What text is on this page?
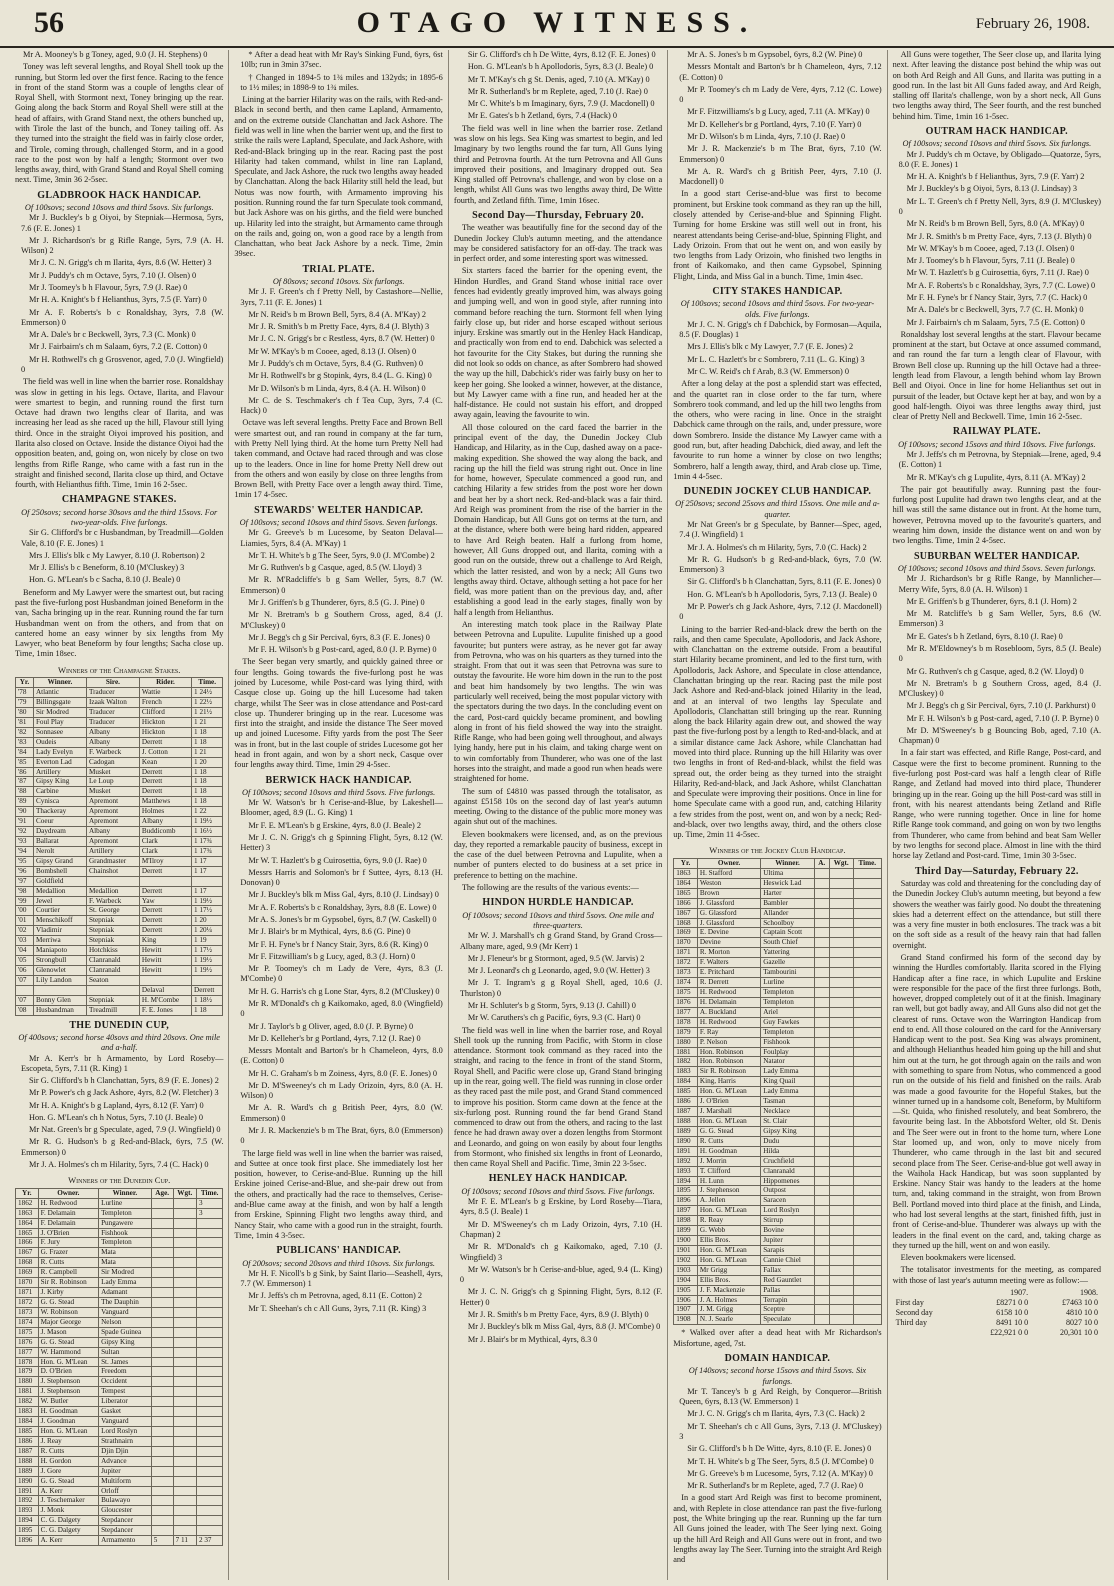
56	OTAGO WITNESS.	February 26, 1908.

Mr A. Mooney's b g Toney, aged, 9.0 (J. H. Stephens) 0

Toney was left several lengths, and Royal Shell took up the running, but Storm led over the first fence. Racing to the fence in front of the stand Storm was a couple of lengths clear of Royal Shell, with Stormont next, Toney bringing up the rear. Going along the back Storm and Royal Shell were still at the head of affairs, with Grand Stand next, the others bunched up, with Tirole the last of the bunch, and Toney tailing off. As they turned into the straight the field was in fairly close order, and Tirole, coming through, challenged Storm, and in a good race to the post won by half a length; Stormont over two lengths away, third, with Grand Stand and Royal Shell coming next. Time, 3min 36 2-5sec.

GLADBROOK HACK HANDICAP.

Of 100sovs; second 10sovs and third 5sovs. Six furlongs.

Mr J. Buckley's b g Oiyoi, by Stepniak—Hermosa, 5yrs, 7.6 (F. E. Jones) 1

Mr J. Richardson's br g Rifle Range, 5yrs, 7.9 (A. H. Wilson) 2

Mr J. C. N. Grigg's ch m Ilarita, 4yrs, 8.6 (W. Hetter) 3

Mr J. Puddy's ch m Octave, 5yrs, 7.10 (J. Olsen) 0

Mr J. Toomey's b h Flavour, 5yrs, 7.9 (J. Rae) 0

Mr H. A. Knight's b f Helianthus, 3yrs, 7.5 (F. Yarr) 0

Mr A. F. Roberts's b c Ronaldshay, 3yrs, 7.8 (W. Emmerson) 0

Mr A. Dale's br c Beckwell, 3yrs, 7.3 (C. Monk) 0

Mr J. Fairbairn's ch m Salaam, 6yrs, 7.2 (E. Cotton) 0

Mr H. Rothwell's ch g Grosvenor, aged, 7.0 (J. Wingfield) 0

The field was well in line when the barrier rose. Ronaldshay was slow in getting in his legs. Octave, Ilarita, and Flavour were smartest to begin, and running round the first turn Octave had drawn two lengths clear of Ilarita, and was increasing her lead as she raced up the hill, Flavour still lying third. Once in the straight Oiyoi improved his position, and Ilarita also closed on Octave. Inside the distance Oiyoi had the opposition beaten, and, going on, won nicely by close on two lengths from Rifle Range, who came with a fast run in the straight and finished second, Ilarita close up third, and Octave fourth, with Helianthus fifth. Time, 1min 16 2-5sec.

CHAMPAGNE STAKES.

Of 250sovs; second horse 30sovs and the third 15sovs. For two-year-olds. Five furlongs.

Sir G. Clifford's br c Husbandman, by Treadmill—Golden Vale, 8.10 (F. E. Jones) 1

Mrs J. Ellis's blk c My Lawyer, 8.10 (J. Robertson) 2

Mr J. Ellis's b c Beneform, 8.10 (M'Cluskey) 3

Hon. G. M'Lean's b c Sacha, 8.10 (J. Beale) 0

Beneform and My Lawyer were the smartest out, but racing past the five-furlong post Husbandman joined Beneform in the van, Sacha bringing up in the rear. Running round the far turn Husbandman went on from the others, and from that on cantered home an easy winner by six lengths from My Lawyer, who beat Beneform by four lengths; Sacha close up. Time, 1min 18sec.

Winners of the Champagne Stakes.
Yr.	Winner.	Sire.	Rider.	Time.
'78	Atlantic	Traducer	Wattie	1 24½
'79	Billingsgate	Izaak Walton	French	1 22½
'80	Sir Modred	Traducer	Clifford	1 21½
'81	Foul Play	Traducer	Hickton	1 21
'82	Sonnasee	Albany	Hickton	1 18
'83	Oudeis	Albany	Derrett	1 18
'84	Lady Evelyn	F. Warbeck	J. Cotton	1 21
'85	Everton Lad	Cadogan	Kean	1 20
'86	Artillery	Musket	Derrett	1 18
'87	Gipsy King	Le Loup	Derrett	1 18
'88	Carbine	Musket	Derrett	1 18
'89	Cynisca	Apremont	Matthews	1 18
'90	Thackeray	Apremont	Holmes	1 22
'91	Coeur	Apremont	Albany	1 19½
'92	Daydream	Albany	Buddicomb	1 16½
'93	Ballarat	Apremont	Clark	1 17¾
'94	Nerolt	Artillery	Clark	1 17¾
'95	Gipsy Grand	Grandmaster	M'Ilroy	1 17
'96	Bombshell	Chainshot	Derrett	1 17
'97	Goldfield			
'98	Medallion	Medallion	Derrett	1 17
'99	Jewel	F. Warbeck	Yaw	1 19½
'00	Courtier	St. George	Derrett	1 17½
'01	Menschikoff	Stepniak	Derrett	1 20
'02	Vladimir	Stepniak	Derrett	1 20¼
'03	Merriwa	Stepniak	King	1 19
'04	Maniapoto	Hotchkiss	Hewitt	1 17½
'05	Strongbull	Clanranald	Hewitt	1 19½
'06	Glenowlet	Clanranald	Hewitt	1 19½
'07	Lily Landon	Seaton		
			Delaval	Derrett
'07	Bonny Glen	Stepniak	H. M'Combe	1 18½
'08	Husbandman	Treadmill	F. E. Jones	1 18
THE DUNEDIN CUP,

Of 400sovs; second horse 40sovs and third 20sovs. One mile and a-half.

Mr A. Kerr's br h Armamento, by Lord Roseby—Escopeta, 5yrs, 7.11 (R. King) 1

Sir G. Clifford's b h Clanchattan, 5yrs, 8.9 (F. E. Jones) 2

Mr P. Power's ch g Jack Ashore, 4yrs, 8.2 (W. Fletcher) 3

Mr H. A. Knight's b g Lapland, 4yrs, 8.12 (F. Yarr) 0

Hon. G. M'Lean's ch h Notus, 5yrs, 7.10 (J. Beale) 0

Mr Nat. Green's br g Speculate, aged, 7.9 (J. Wingfield) 0

Mr R. G. Hudson's b g Red-and-Black, 6yrs, 7.5 (W. Emmerson) 0

Mr J. A. Holmes's ch m Hilarity, 5yrs, 7.4 (C. Hack) 0

Winners of the Dunedin Cup.
Yr.	Owner.	Winner.	Age.	Wgt.	Time.
1862	H. Redwood	Lurline			3
1863	F. Delamain	Templeton			3
1864	F. Delamain	Pungawere			
1865	J. O'Brien	Fishhook			
1866	F. Jury	Templeton			
1867	G. Frazer	Mata			
1868	R. Cutts	Mata			
1869	R. Campbell	Sir Modred			
1870	Sir R. Robinson	Lady Emma			
1871	J. Kirby	Adamant			
1872	G. G. Stead	The Dauphin			
1873	W. Robinson	Vanguard			
1874	Major George	Nelson			
1875	J. Mason	Spade Guinea			
1876	G. G. Stead	Gipsy King			
1877	W. Hammond	Sultan			
1878	Hon. G. M'Lean	St. James			
1879	D. O'Brien	Freedom			
1880	J. Stephenson	Occident			
1881	J. Stephenson	Tempest			
1882	W. Butler	Liberator			
1883	H. Goodman	Gasket			
1884	J. Goodman	Vanguard			
1885	Hon. G. M'Lean	Lord Roslyn			
1886	J. Reay	Strathnairn			
1887	R. Cutts	Djin Djin			
1888	H. Gordon	Advance			
1889	J. Gore	Jupiter			
1890	G. G. Stead	Multiform			
1891	A. Kerr	Orloff			
1892	J. Teschemaker	Bulawayo			
1893	J. Monk	Gloucester			
1894	C. G. Dalgety	Stepdancer			
1895	C. G. Dalgety	Stepdancer			
1896	A. Kerr	Armamento	5	7 11	2 37

* After a dead heat with Mr Ray's Sinking Fund, 6yrs, 6st 10lb; run in 3min 37sec.

† Changed in 1894-5 to 1¾ miles and 132yds; in 1895-6 to 1½ miles; in 1898-9 to 1¾ miles.

Lining at the barrier Hilarity was on the rails, with Red-and-Black in second berth, and then came Lapland, Armamento, and on the extreme outside Clanchattan and Jack Ashore. The field was well in line when the barrier went up, and the first to strike the rails were Lapland, Speculate, and Jack Ashore, with Red-and-Black bringing up in the rear. Racing past the post Hilarity had taken command, whilst in line ran Lapland, Speculate, and Jack Ashore, the ruck two lengths away headed by Clanchattan. Along the back Hilarity still held the lead, but Notus was now fourth, with Armamento improving his position. Running round the far turn Speculate took command, but Jack Ashore was on his girths, and the field were bunched up. Hilarity led into the straight, but Armamento came through on the rails and, going on, won a good race by a length from Clanchattan, who beat Jack Ashore by a neck. Time, 2min 39sec.

TRIAL PLATE.

Of 80sovs; second 10sovs. Six furlongs.

Mr J. F. Green's ch f Pretty Nell, by Castashore—Nellie, 3yrs, 7.11 (F. E. Jones) 1

Mr N. Reid's b m Brown Bell, 5yrs, 8.4 (A. M'Kay) 2

Mr J. R. Smith's b m Pretty Face, 4yrs, 8.4 (J. Blyth) 3

Mr J. C. N. Grigg's br c Restless, 4yrs, 8.7 (W. Hetter) 0

Mr W. M'Kay's b m Cooee, aged, 8.13 (J. Olsen) 0

Mr J. Puddy's ch m Octave, 5yrs, 8.4 (G. Ruthven) 0

Mr H. Rothwell's br g Stopink, 4yrs, 8.4 (L. G. King) 0

Mr D. Wilson's b m Linda, 4yrs, 8.4 (A. H. Wilson) 0

Mr C. de S. Teschmaker's ch f Tea Cup, 3yrs, 7.4 (C. Hack) 0

Octave was left several lengths. Pretty Face and Brown Bell were smartest out, and ran round in company at the far turn, with Pretty Nell lying third. At the home turn Pretty Nell had taken command, and Octave had raced through and was close up to the leaders. Once in line for home Pretty Nell drew out from the others and won easily by close on three lengths from Brown Bell, with Pretty Face over a length away third. Time, 1min 17 4-5sec.

STEWARDS' WELTER HANDICAP.

Of 100sovs; second 10sovs and third 5sovs. Seven furlongs.

Mr G. Greeve's b m Lucesome, by Seaton Delaval—Liamies, 5yrs, 8.4 (A. M'Kay) 1

Mr T. H. White's b g The Seer, 5yrs, 9.0 (J. M'Combe) 2

Mr G. Ruthven's b g Casque, aged, 8.5 (W. Lloyd) 3

Mr R. M'Radcliffe's b g Sam Weller, 5yrs, 8.7 (W. Emmerson) 0

Mr J. Griffen's b g Thunderer, 6yrs, 8.5 (G. J. Pine) 0

Mr N. Bretram's b g Southern Cross, aged, 8.4 (J. M'Cluskey) 0

Mr J. Begg's ch g Sir Percival, 6yrs, 8.3 (F. E. Jones) 0

Mr F. H. Wilson's b g Post-card, aged, 8.0 (J. P. Byrne) 0

The Seer began very smartly, and quickly gained three or four lengths. Going towards the five-furlong post he was joined by Lucesome, while Post-card was lying third, with Casque close up. Going up the hill Lucesome had taken charge, whilst The Seer was in close attendance and Post-card close up. Thunderer bringing up in the rear. Lucesome was first into the straight, and inside the distance The Seer moved up and joined Lucesome. Fifty yards from the post The Seer was in front, but in the last couple of strides Lucesome got her head in front again, and won by a short neck, Casque over four lengths away third. Time, 1min 29 4-5sec.

BERWICK HACK HANDICAP.

Of 100sovs; second 10sovs and third 5sovs. Five furlongs.

Mr W. Watson's br h Cerise-and-Blue, by Lakeshell—Bloomer, aged, 8.9 (L. G. King) 1

Mr F. E. M'Lean's b g Erskine, 4yrs, 8.0 (J. Beale) 2

Mr J. C. N. Grigg's ch g Spinning Flight, 5yrs, 8.12 (W. Hetter) 3

Mr W. T. Hazlett's b g Cuirosettia, 6yrs, 9.0 (J. Rae) 0

Messrs Harris and Solomon's br f Suttee, 4yrs, 8.13 (H. Donovan) 0

Mr J. Buckley's blk m Miss Gal, 4yrs, 8.10 (J. Lindsay) 0

Mr A. F. Roberts's b c Ronaldshay, 3yrs, 8.8 (E. Lowe) 0

Mr A. S. Jones's br m Gypsobel, 6yrs, 8.7 (W. Caskell) 0

Mr J. Blair's br m Mythical, 4yrs, 8.6 (G. Pine) 0

Mr F. H. Fyne's br f Nancy Stair, 3yrs, 8.6 (R. King) 0

Mr F. Fitzwilliam's b g Lucy, aged, 8.3 (J. Horn) 0

Mr P. Toomey's ch m Lady de Vere, 4yrs, 8.3 (J. M'Combe) 0

Mr H. G. Harris's ch g Lone Star, 4yrs, 8.2 (M'Cluskey) 0

Mr R. M'Donald's ch g Kaikomako, aged, 8.0 (Wingfield) 0

Mr J. Taylor's b g Oliver, aged, 8.0 (J. P. Byrne) 0

Mr D. Kelleher's br g Portland, 4yrs, 7.12 (J. Rae) 0

Messrs Montalt and Barton's br h Chameleon, 4yrs, 8.0 (E. Cotton) 0

Mr H. C. Graham's b m Zoiness, 4yrs, 8.0 (F. E. Jones) 0

Mr D. M'Sweeney's ch m Lady Orizoin, 4yrs, 8.0 (A. H. Wilson) 0

Mr A. R. Ward's ch g British Peer, 4yrs, 8.0 (W. Emmerson) 0

Mr J. R. Mackenzie's b m The Brat, 6yrs, 8.0 (Emmerson) 0

The large field was well in line when the barrier was raised, and Suttee at once took first place. She immediately lost her position, however, to Cerise-and-Blue. Running up the hill Erskine joined Cerise-and-Blue, and she-pair drew out from the others, and practically had the race to themselves, Cerise-and-Blue came away at the finish, and won by half a length from Erskine, Spinning Flight two lengths away third, and Nancy Stair, who came with a good run in the straight, fourth. Time, 1min 4 3-5sec.

PUBLICANS' HANDICAP.

Of 200sovs; second 20sovs and third 10sovs. Six furlongs.

Mr H. F. Nicoll's b g Sink, by Saint Ilario—Seashell, 4yrs, 7.7 (W. Emmerson) 1

Mr J. Jeffs's ch m Petrovna, aged, 8.11 (E. Cotton) 2

Mr T. Sheehan's ch c All Guns, 3yrs, 7.11 (R. King) 3

Sir G. Clifford's ch h De Witte, 4yrs, 8.12 (F. E. Jones) 0

Hon. G. M'Lean's b h Apollodoris, 5yrs, 8.3 (J. Beale) 0

Mr T. M'Kay's ch g St. Denis, aged, 7.10 (A. M'Kay) 0

Mr R. Sutherland's br m Replete, aged, 7.10 (J. Rae) 0

Mr C. White's b m Imaginary, 6yrs, 7.9 (J. Macdonell) 0

Mr E. Gates's b h Zetland, 6yrs, 7.4 (Hack) 0

The field was well in line when the barrier rose. Zetland was slow on his legs. Sea King was smartest to begin, and led Imaginary by two lengths round the far turn, All Guns lying third and Petrovna fourth. At the turn Petrovna and All Guns improved their positions, and Imaginary dropped out. Sea King stalled off Petrovna's challenge, and won by close on a length, whilst All Guns was two lengths away third, De Witte fourth, and Zetland fifth. Time, 1min 16sec.

Second Day—Thursday, February 20.

The weather was beautifully fine for the second day of the Dunedin Jockey Club's autumn meeting, and the attendance may be considered satisfactory for an off-day. The track was in perfect order, and some interesting sport was witnessed.

Six starters faced the barrier for the opening event, the Hindon Hurdles, and Grand Stand whose initial race over fences had evidently greatly improved him, was always going and jumping well, and won in good style, after running into command before reaching the turn. Stormont fell when lying fairly close up, but rider and horse escaped without serious injury. Erskine was smartly out in the Henley Hack Handicap, and practically won from end to end. Dabchick was selected a hot favourite for the City Stakes, but during the running she did not look so odds on chance, as after Sombrero had showed the way up the hill, Dabchick's rider was fairly busy on her to keep her going. She looked a winner, however, at the distance, but My Lawyer came with a fine run, and headed her at the half-distance. He could not sustain his effort, and dropped away again, leaving the favourite to win.

All those coloured on the card faced the barrier in the principal event of the day, the Dunedin Jockey Club Handicap, and Hilarity, as in the Cup, dashed away on a pace-making expedition. She showed the way along the back, and racing up the hill the field was strung right out. Once in line for home, however, Speculate commenced a good run, and catching Hilarity a few strides from the post wore her down and beat her by a short neck. Red-and-black was a fair third. Ard Reigh was prominent from the rise of the barrier in the Domain Handicap, but All Guns got on terms at the turn, and at the distance, where both were being hard ridden, appeared to have Ard Reigh beaten. Half a furlong from home, however, All Guns dropped out, and Ilarita, coming with a good run on the outside, threw out a challenge to Ard Reigh, which the latter resisted, and won by a neck; All Guns two lengths away third. Octave, although setting a hot pace for her field, was more patient than on the previous day, and, after establishing a good lead in the early stages, finally won by half a length from Helianthus.

An interesting match took place in the Railway Plate between Petrovna and Lupulite. Lupulite finished up a good favourite; but punters were astray, as he never got far away from Petrovna, who was on his quarters as they turned into the straight. From that out it was seen that Petrovna was sure to outstay the favourite. He wore him down in the run to the post and beat him handsomely by two lengths. The win was particularly well received, being the most popular victory with the spectators during the two days. In the concluding event on the card, Post-card quickly became prominent, and bowling along in front of his field showed the way into the straight. Rifle Range, who had been going well throughout, and always lying handy, here put in his claim, and taking charge went on to win comfortably from Thunderer, who was one of the last horses into the straight, and made a good run when heads were straightened for home.

The sum of £4810 was passed through the totalisator, as against £5158 10s on the second day of last year's autumn meeting. Owing to the distance of the public more money was again shut out of the machines.

Eleven bookmakers were licensed, and, as on the previous day, they reported a remarkable paucity of business, except in the case of the duel between Petrovna and Lupulite, when a number of punters elected to do business at a set price in preference to betting on the machine.

The following are the results of the various events:—

HINDON HURDLE HANDICAP.

Of 100sovs; second 10sovs and third 5sovs. One mile and three-quarters.

Mr W. J. Marshall's ch g Grand Stand, by Grand Cross—Albany mare, aged, 9.9 (Mr Kerr) 1

Mr J. Fleneur's br g Stormont, aged, 9.5 (W. Jarvis) 2

Mr J. Leonard's ch g Leonardo, aged, 9.0 (W. Hetter) 3

Mr J. T. Ingram's g g Royal Shell, aged, 10.6 (J. Thurlston) 0

Mr H. Schluter's b g Storm, 5yrs, 9.13 (J. Cahill) 0

Mr W. Caruthers's ch g Pacific, 6yrs, 9.3 (C. Hart) 0

The field was well in line when the barrier rose, and Royal Shell took up the running from Pacific, with Storm in close attendance. Stormont took command as they raced into the straight, and racing to the fence in front of the stand Storm, Royal Shell, and Pacific were close up, Grand Stand bringing up in the rear, going well. The field was running in close order as they raced past the mile post, and Grand Stand commenced to improve his position. Storm came down at the fence at the six-furlong post. Running round the far bend Grand Stand commenced to draw out from the others, and racing to the last fence he had drawn away over a dozen lengths from Stormont and Leonardo, and going on won easily by about four lengths from Stormont, who finished six lengths in front of Leonardo, then came Royal Shell and Pacific. Time, 3min 22 3-5sec.

HENLEY HACK HANDICAP.

Of 100sovs; second 10sovs and third 5sovs. Five furlongs.

Mr F. E. M'Lean's b g Erskine, by Lord Roseby—Tiara, 4yrs, 8.5 (J. Beale) 1

Mr D. M'Sweeney's ch m Lady Orizoin, 4yrs, 7.10 (H. Chapman) 2

Mr R. M'Donald's ch g Kaikomako, aged, 7.10 (J. Wingfield) 3

Mr W. Watson's br h Cerise-and-blue, aged, 9.4 (L. King) 0

Mr J. C. N. Grigg's ch g Spinning Flight, 5yrs, 8.12 (F. Hetter) 0

Mr J. R. Smith's b m Pretty Face, 4yrs, 8.9 (J. Blyth) 0

Mr J. Buckley's blk m Miss Gal, 4yrs, 8.8 (J. M'Combe) 0

Mr J. Blair's br m Mythical, 4yrs, 8.3 0

Mr A. S. Jones's b m Gypsobel, 6yrs, 8.2 (W. Pine) 0

Messrs Montalt and Barton's br h Chameleon, 4yrs, 7.12 (E. Cotton) 0

Mr P. Toomey's ch m Lady de Vere, 4yrs, 7.12 (C. Lowe) 0

Mr F. Fitzwilliams's b g Lucy, aged, 7.11 (A. M'Kay) 0

Mr D. Kelleher's br g Portland, 4yrs, 7.10 (F. Yarr) 0

Mr D. Wilson's b m Linda, 4yrs, 7.10 (J. Rae) 0

Mr J. R. Mackenzie's b m The Brat, 6yrs, 7.10 (W. Emmerson) 0

Mr A. R. Ward's ch g British Peer, 4yrs, 7.10 (J. Macdonell) 0

In a good start Cerise-and-blue was first to become prominent, but Erskine took command as they ran up the hill, closely attended by Cerise-and-blue and Spinning Flight. Turning for home Erskine was still well out in front, his nearest attendants being Cerise-and-blue, Spinning Flight, and Lady Orizoin. From that out he went on, and won easily by two lengths from Lady Orizoin, who finished two lengths in front of Kaikomako, and then came Gypsobel, Spinning Flight, Linda, and Miss Gal in a bunch. Time, 1min 4sec.

CITY STAKES HANDICAP.

Of 100sovs; second 10sovs and third 5sovs. For two-year-olds. Five furlongs.

Mr J. C. N. Grigg's ch f Dabchick, by Formosan—Aquila, 8.5 (F. Douglas) 1

Mrs J. Ellis's blk c My Lawyer, 7.7 (F. E. Jones) 2

Mr L. C. Hazlett's br c Sombrero, 7.11 (L. G. King) 3

Mr C. W. Reid's ch f Arab, 8.3 (W. Emmerson) 0

After a long delay at the post a splendid start was effected, and the quartet ran in close order to the far turn, where Sombrero took command, and led up the hill two lengths from the others, who were racing in line. Once in the straight Dabchick came through on the rails, and, under pressure, wore down Sombrero. Inside the distance My Lawyer came with a good run, but, after heading Dabchick, died away, and left the favourite to run home a winner by close on two lengths; Sombrero, half a length away, third, and Arab close up. Time, 1min 4 4-5sec.

DUNEDIN JOCKEY CLUB HANDICAP.

Of 250sovs; second 25sovs and third 15sovs. One mile and a-quarter.

Mr Nat Green's br g Speculate, by Banner—Spec, aged, 7.4 (J. Wingfield) 1

Mr J. A. Holmes's ch m Hilarity, 5yrs, 7.0 (C. Hack) 2

Mr R. G. Hudson's b g Red-and-black, 6yrs, 7.0 (W. Emmerson) 3

Sir G. Clifford's b h Clanchattan, 5yrs, 8.11 (F. E. Jones) 0

Hon. G. M'Lean's b h Apollodoris, 5yrs, 7.13 (J. Beale) 0

Mr P. Power's ch g Jack Ashore, 4yrs, 7.12 (J. Macdonell) 0

Lining to the barrier Red-and-black drew the berth on the rails, and then came Speculate, Apollodoris, and Jack Ashore, with Clanchattan on the extreme outside. From a beautiful start Hilarity became prominent, and led to the first turn, with Apollodoris, Jack Ashore, and Speculate in close attendance, Clanchattan bringing up the rear. Racing past the mile post Jack Ashore and Red-and-black joined Hilarity in the lead, and at an interval of two lengths lay Speculate and Apollodoris, Clanchattan still bringing up the rear. Running along the back Hilarity again drew out, and showed the way past the five-furlong post by a length to Red-and-black, and at a similar distance came Jack Ashore, while Clanchattan had moved into third place. Running up the hill Hilarity was over two lengths in front of Red-and-black, whilst the field was spread out, the order being as they turned into the straight Hilarity, Red-and-black, and Jack Ashore, whilst Clanchattan and Speculate were improving their positions. Once in line for home Speculate came with a good run, and, catching Hilarity a few strides from the post, went on, and won by a neck; Red-and-black, over two lengths away, third, and the others close up. Time, 2min 11 4-5sec.

Winners of the Jockey Club Handicap.
Yr.	Owner.	Winner.	A.	Wgt.	Time.
1863	H. Stafford	Ultima			
1864	Weston	Heswick Lad			
1865	Brown	Harter			
1866	J. Glassford	Bambler			
1867	G. Glassford	Allander			
1868	J. Glassford	Schoolboy			
1869	E. Devine	Captain Scott			
1870	Devine	South Chief			
1871	R. Morton	Yattering			
1872	F. Walters	Gazelle			
1873	E. Pritchard	Tambourini			
1874	R. Derrett	Lurline			
1875	H. Redwood	Templeton			
1876	H. Delamain	Templeton			
1877	A. Buckland	Ariel			
1878	H. Redwood	Guy Fawkes			
1879	F. Ray	Templeton			
1880	P. Nelson	Fishhook			
1881	Hon. Robinson	Foulplay			
1882	Hon. Robinson	Natator			
1883	Sir R. Robinson	Lady Emma			
1884	King, Harris	King Quail			
1885	Hon. G. M'Lean	Lady Emma			
1886	J. O'Brien	Tasman			
1887	J. Marshall	Necklace			
1888	Hon. G. M'Lean	St. Clair			
1889	G. G. Stead	Gipsy King			
1890	R. Cutts	Dudu			
1891	H. Goodman	Hilda			
1892	J. Morrin	Cruchfield			
1893	T. Clifford	Clanranald			
1894	H. Lunn	Hippomenes			
1895	J. Stephenson	Outpost			
1896	A. Jellen	Saracen			
1897	Hon. G. M'Lean	Lord Roslyn			
1898	R. Reay	Stirrup			
1899	G. Webb	Bovine			
1900	Ellis Bros.	Jupiter			
1901	Hon. G. M'Lean	Sarapis			
1902	Hon. G. M'Lean	Cannie Chiel			
1903	Mr Grigg	Fallax			
1904	Ellis Bros.	Red Gauntlet			
1905	J. F. Mackenzie	Pallas			
1906	J. A. Holmes	Terrapin			
1907	J. M. Grigg	Sceptre			
1908	N. J. Searle	Speculate			

* Walked over after a dead heat with Mr Richardson's Misfortune, aged, 7st.

DOMAIN HANDICAP.

Of 140sovs; second horse 15sovs and third 5sovs. Six furlongs.

Mr T. Tancey's b g Ard Reigh, by Conqueror—British Queen, 6yrs, 8.13 (W. Emmerson) 1

Mr J. C. N. Grigg's ch m Ilarita, 4yrs, 7.3 (C. Hack) 2

Mr T. Sheehan's ch c All Guns, 3yrs, 7.13 (J. M'Cluskey) 3

Sir G. Clifford's b h De Witte, 4yrs, 8.10 (F. E. Jones) 0

Mr T. H. White's b g The Seer, 5yrs, 8.5 (J. M'Combe) 0

Mr G. Greeve's b m Lucesome, 5yrs, 7.12 (A. M'Kay) 0

Mr R. Sutherland's br m Replete, aged, 7.7 (J. Rae) 0

In a good start Ard Reigh was first to become prominent, and, with Replete in close attendance ran past the five-furlong post, the White bringing up the rear. Running up the far turn All Guns joined the leader, with The Seer lying next. Going up the hill Ard Reigh and All Guns were out in front, and two lengths away lay The Seer. Turning into the straight Ard Reigh and

All Guns were together, The Seer close up, and Ilarita lying next. After leaving the distance post behind the whip was out on both Ard Reigh and All Guns, and Ilarita was putting in a good run. In the last bit All Guns faded away, and Ard Reigh, stalling off Ilarita's challenge, won by a short neck, All Guns two lengths away third, The Seer fourth, and the rest bunched behind him. Time, 1min 16 1-5sec.

OUTRAM HACK HANDICAP.

Of 100sovs; second 10sovs and third 5sovs. Six furlongs.

Mr J. Puddy's ch m Octave, by Obligado—Quatorze, 5yrs, 8.0 (F. E. Jones) 1

Mr H. A. Knight's b f Helianthus, 3yrs, 7.9 (F. Yarr) 2

Mr J. Buckley's b g Oiyoi, 5yrs, 8.13 (J. Lindsay) 3

Mr L. T. Green's ch f Pretty Nell, 3yrs, 8.9 (J. M'Cluskey) 0

Mr N. Reid's b m Brown Bell, 5yrs, 8.0 (A. M'Kay) 0

Mr J. R. Smith's b m Pretty Face, 4yrs, 7.13 (J. Blyth) 0

Mr W. M'Kay's b m Cooee, aged, 7.13 (J. Olsen) 0

Mr J. Toomey's b h Flavour, 5yrs, 7.11 (J. Beale) 0

Mr W. T. Hazlett's b g Cuirosettia, 6yrs, 7.11 (J. Rae) 0

Mr A. F. Roberts's b c Ronaldshay, 3yrs, 7.7 (C. Lowe) 0

Mr F. H. Fyne's br f Nancy Stair, 3yrs, 7.7 (C. Hack) 0

Mr A. Dale's br c Beckwell, 3yrs, 7.7 (C. H. Monk) 0

Mr J. Fairbairn's ch m Salaam, 5yrs, 7.5 (E. Cotton) 0

Ronaldshay lost several lengths at the start. Flavour became prominent at the start, but Octave at once assumed command, and ran round the far turn a length clear of Flavour, with Brown Bell close up. Running up the hill Octave had a three-length lead from Flavour, a length behind whom lay Brown Bell and Oiyoi. Once in line for home Helianthus set out in pursuit of the leader, but Octave kept her at bay, and won by a good half-length. Oiyoi was three lengths away third, just clear of Pretty Nell and Beckwell. Time, 1min 16 2-5sec.

RAILWAY PLATE.

Of 100sovs; second 15sovs and third 10sovs. Five furlongs.

Mr J. Jeffs's ch m Petrovna, by Stepniak—Irene, aged, 9.4 (E. Cotton) 1

Mr R. M'Kay's ch g Lupulite, 4yrs, 8.11 (A. M'Kay) 2

The pair got beautifully away. Running past the four-furlong post Lupulite had drawn two lengths clear, and at the hill was still the same distance out in front. At the home turn, however, Petrovna moved up to the favourite's quarters, and wearing him down, inside the distance went on and won by two lengths. Time, 1min 2 4-5sec.

SUBURBAN WELTER HANDICAP.

Of 100sovs; second 10sovs and third 5sovs. Seven furlongs.

Mr J. Richardson's br g Rifle Range, by Mannlicher—Merry Wife, 5yrs, 8.0 (A. H. Wilson) 1

Mr E. Griffen's b g Thunderer, 6yrs, 8.1 (J. Horn) 2

Mr M. Ratcliffe's b g Sam Weller, 5yrs, 8.6 (W. Emmerson) 3

Mr E. Gates's b h Zetland, 6yrs, 8.10 (J. Rae) 0

Mr R. M'Eldowney's b m Rosebloom, 5yrs, 8.5 (J. Beale) 0

Mr G. Ruthven's ch g Casque, aged, 8.2 (W. Lloyd) 0

Mr N. Bretram's b g Southern Cross, aged, 8.4 (J. M'Cluskey) 0

Mr J. Begg's ch g Sir Percival, 6yrs, 7.10 (J. Parkhurst) 0

Mr F. H. Wilson's b g Post-card, aged, 7.10 (J. P. Byrne) 0

Mr D. M'Sweeney's b g Bouncing Bob, aged, 7.10 (A. Chapman) 0

In a fair start was effected, and Rifle Range, Post-card, and Casque were the first to become prominent. Running to the five-furlong post Post-card was half a length clear of Rifle Range, and Zetland had moved into third place, Thunderer bringing up in the rear. Going up the hill Post-card was still in front, with his nearest attendants being Zetland and Rifle Range, who were running together. Once in line for home Rifle Range took command, and going on won by two lengths from Thunderer, who came from behind and beat Sam Weller by two lengths for second place. Almost in line with the third horse lay Zetland and Post-card. Time, 1min 30 3-5sec.

Third Day—Saturday, February 22.

Saturday was cold and threatening for the concluding day of the Dunedin Jockey Club's autumn meeting, but beyond a few showers the weather was fairly good. No doubt the threatening skies had a deterrent effect on the attendance, but still there was a very fine muster in both enclosures. The track was a bit on the soft side as a result of the heavy rain that had fallen overnight.

Grand Stand confirmed his form of the second day by winning the Hurdles comfortably. Ilarita scored in the Flying Handicap after a fine race, in which Lupulite and Erskine were responsible for the pace of the first three furlongs. Both, however, dropped completely out of it at the finish. Imaginary ran well, but got badly away, and All Guns also did not get the clearest of runs. Octave won the Warrington Handicap from end to end. All those coloured on the card for the Anniversary Handicap went to the post. Sea King was always prominent, and although Helianthus headed him going up the hill and shut him out at the turn, he got through again on the rails and won with something to spare from Notus, who commenced a good run on the outside of his field and finished on the rails. Arab was made a good favourite for the Hopeful Stakes, but the winner turned up in a handsome colt, Beneform, by Multiform—St. Quida, who finished resolutely, and beat Sombrero, the favourite being last. In the Abbotsford Welter, old St. Denis and The Seer were out in front to the home turn, where Lone Star loomed up, and won, only to move nicely from Thunderer, who came through in the last bit and secured second place from The Seer. Cerise-and-blue got well away in the Waihola Hack Handicap, but was soon supplanted by Erskine. Nancy Stair was handy to the leaders at the home turn, and, taking command in the straight, won from Brown Bell. Portland moved into third place at the finish, and Linda, who had lost several lengths at the start, finished fifth, just in front of Cerise-and-blue. Thunderer was always up with the leaders in the final event on the card, and, taking charge as they turned up the hill, went on and won easily.

Eleven bookmakers were licensed.

The totalisator investments for the meeting, as compared with those of last year's autumn meeting were as follow:—

	1907.	1908.
First day	£8271 0 0	£7463 10 0
Second day	6158 10 0	4810 10 0
Third day	8491 10 0	8027 10 0
	£22,921 0 0	20,301 10 0
